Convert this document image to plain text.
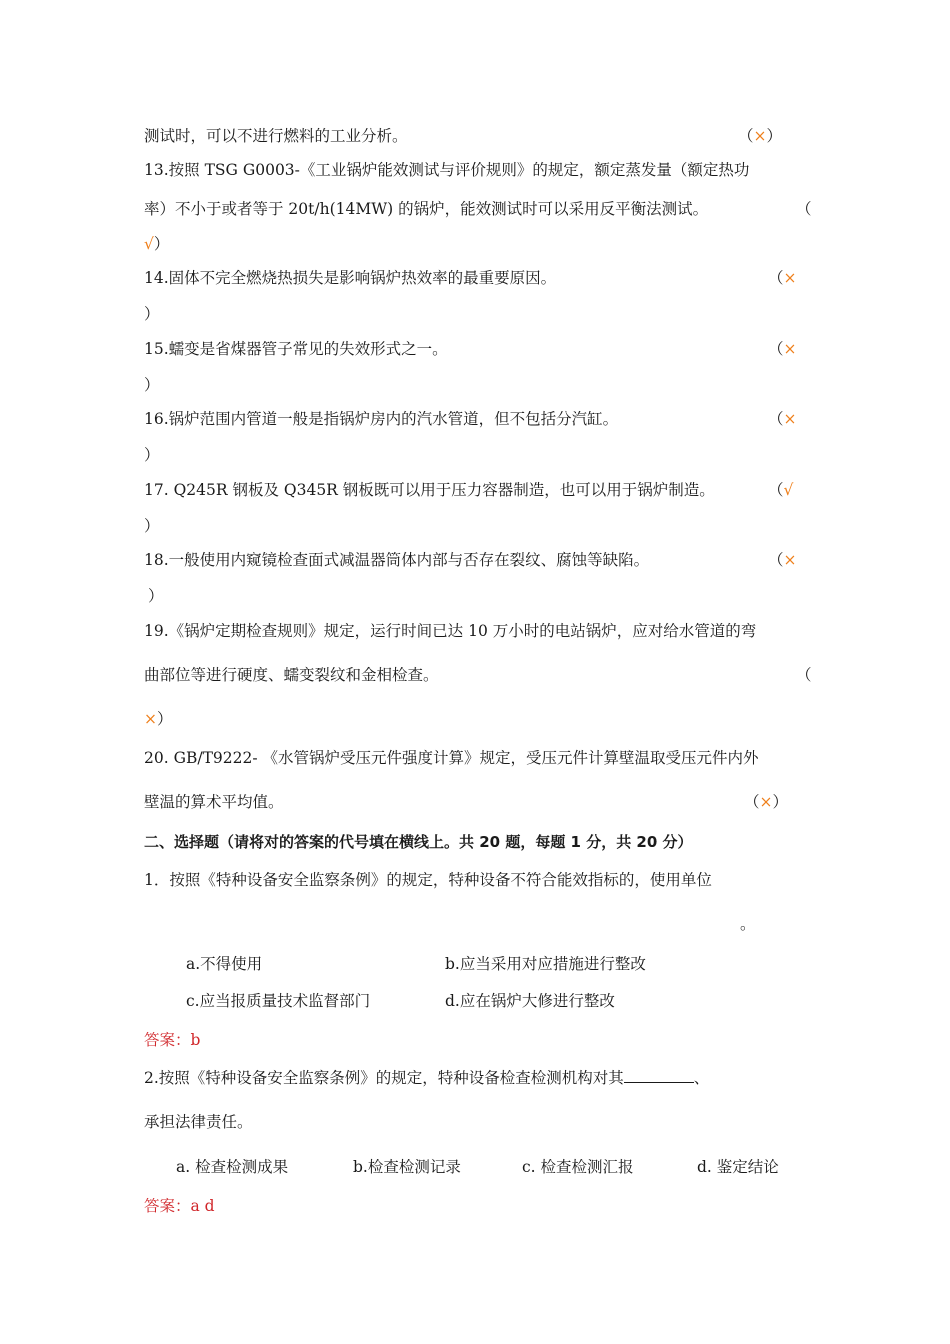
测试时，可以不进行燃料的工业分析。	（×）
13.按照 TSG G0003-《工业锅炉能效测试与评价规则》的规定，额定蒸发量（额定热功
率）不小于或者等于 20t/h(14MW) 的锅炉，能效测试时可以采用反平衡法测试。	（
√）
14.固体不完全燃烧热损失是影响锅炉热效率的最重要原因。	（×
）
15.蠕变是省煤器管子常见的失效形式之一。	（×
）
16.锅炉范围内管道一般是指锅炉房内的汽水管道，但不包括分汽缸。	（×
）
17. Q245R 钢板及 Q345R 钢板既可以用于压力容器制造，也可以用于锅炉制造。	（√
）
18.一般使用内窥镜检查面式减温器筒体内部与否存在裂纹、腐蚀等缺陷。	（×
）
19.《锅炉定期检查规则》规定，运行时间已达 10 万小时的电站锅炉，应对给水管道的弯
曲部位等进行硬度、蠕变裂纹和金相检查。	（
×）
20. GB/T9222- 《水管锅炉受压元件强度计算》规定，受压元件计算壁温取受压元件内外
壁温的算术平均值。	（×）
二、选择题（请将对的答案的代号填在横线上。共 20 题，每题 1 分，共 20 分）
1．按照《特种设备安全监察条例》的规定，特种设备不符合能效指标的，使用单位
。
a.不得使用	b.应当采用对应措施进行整改
c.应当报质量技术监督部门	d.应在锅炉大修进行整改
答案：b
2.按照《特种设备安全监察条例》的规定，特种设备检查检测机构对其	、
承担法律责任。
a. 检查检测成果	b.检查检测记录	c. 检查检测汇报	d. 鉴定结论
答案：a d
